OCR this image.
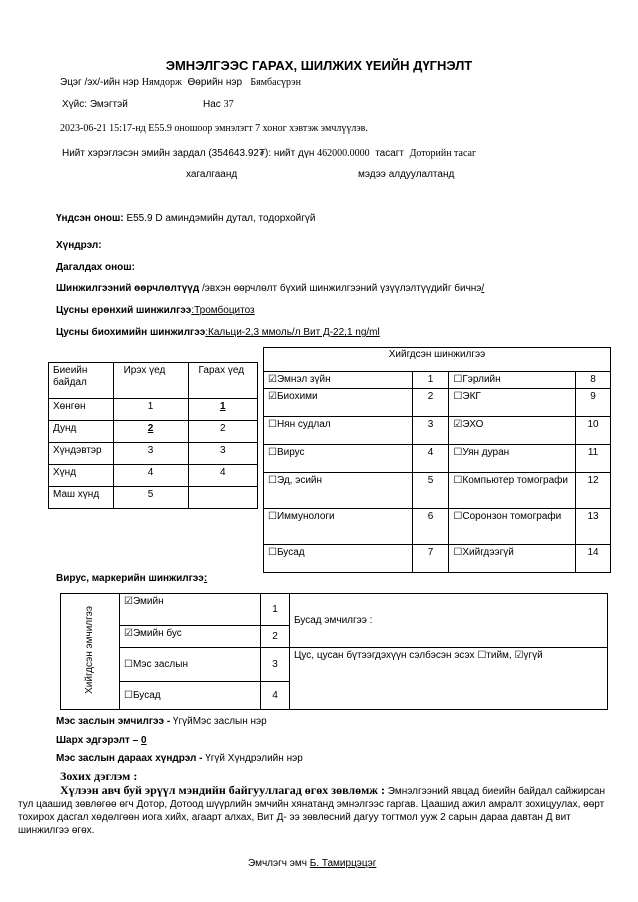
ЭМНЭЛГЭЭС ГАРАХ, ШИЛЖИХ ҮЕИЙН ДҮГНЭЛТ
Эцэг /эх/-ийн нэр Нямдорж Өөрийн нэр Бямбасүрэн
Хүйс: Эмэгтэй	Нас 37
2023-06-21 15:17-нд E55.9 оношоор эмнэлэгт 7 хоног хэвтэж эмчлүүлэв.
Нийт хэрэглэсэн эмийн зардал (354643.92₮): нийт дүн 462000.0000 тасагт Доторийн тасаг
хагалгаанд	мэдээ алдуулалтанд
Үндсэн онош: E55.9 D аминдэмийн дутал, тодорхойгүй
Хүндрэл:
Дагалдах онош:
Шинжилгээний өөрчлөлтүүд /эвхэн өөрчлөлт бүхий шинжилгээний үзүүлэлтүүдийг бичнэ/
Цусны ерөнхий шинжилгээ:Тромбоцитоз
Цусны биохимийн шинжилгээ:Кальци-2,3 ммоль/л Вит Д-22,1 ng/ml
Биеийн байдал	Ирэх үед	Гарах үед
Хөнгөн	1	1
Дунд	2	2
Хүндэвтэр	3	3
Хүнд	4	4
Маш хүнд	5	
Хийгдсэн шинжилгээ			
☑Эмнэл зүйн	1	☐Гэрлийн	8
☑Биохими	2	☐ЭКГ	9
☐Нян судлал	3	☑ЭХО	10
☐Вирус	4	☐Уян дуран	11
☐Эд, эсийн	5	☐Компьютер томографи	12
☐Иммунологи	6	☐Соронзон томографи	13
☐Бусад	7	☐Хийгдээгүй	14
Вирус, маркерийн шинжилгээ:
Хийгдсэн эмчилгээ	☑Эмийн	1	Бусад эмчилгээ :
	☑Эмийн бус	2	
	☐Мэс заслын	3	Цус, цусан бүтээгдэхүүн сэлбэсэн эсэх ☐тийм, ☑үгүй
	☐Бусад	4	
Мэс заслын эмчилгээ - ҮгүйМэс заслын нэр
Шарх эдгэрэлт – 0
Мэс заслын дараах хүндрэл - Үгүй Хүндрэлийн нэр
Зохих дэглэм :
Хүлээн авч буй эрүүл мэндийн байгууллагад өгөх зөвлөмж : Эмнэлгээний явцад биеийн байдал сайжирсан тул цаашид зөвлөгөө өгч Дотор, Дотоод шүүрлийн эмчийн хянатанд эмнэлгээс гаргав. Цаашид ажил амралт зохицуулах, өөрт тохирох дасгал хөдөлгөөн иога хийх, агаарт алхах, Вит Д- ээ зөвлөсний дагуу тогтмол ууж 2 сарын дараа давтан Д вит шинжилгээ өгөх.
Эмчлэгч эмч Б. Тамирцэцэг
